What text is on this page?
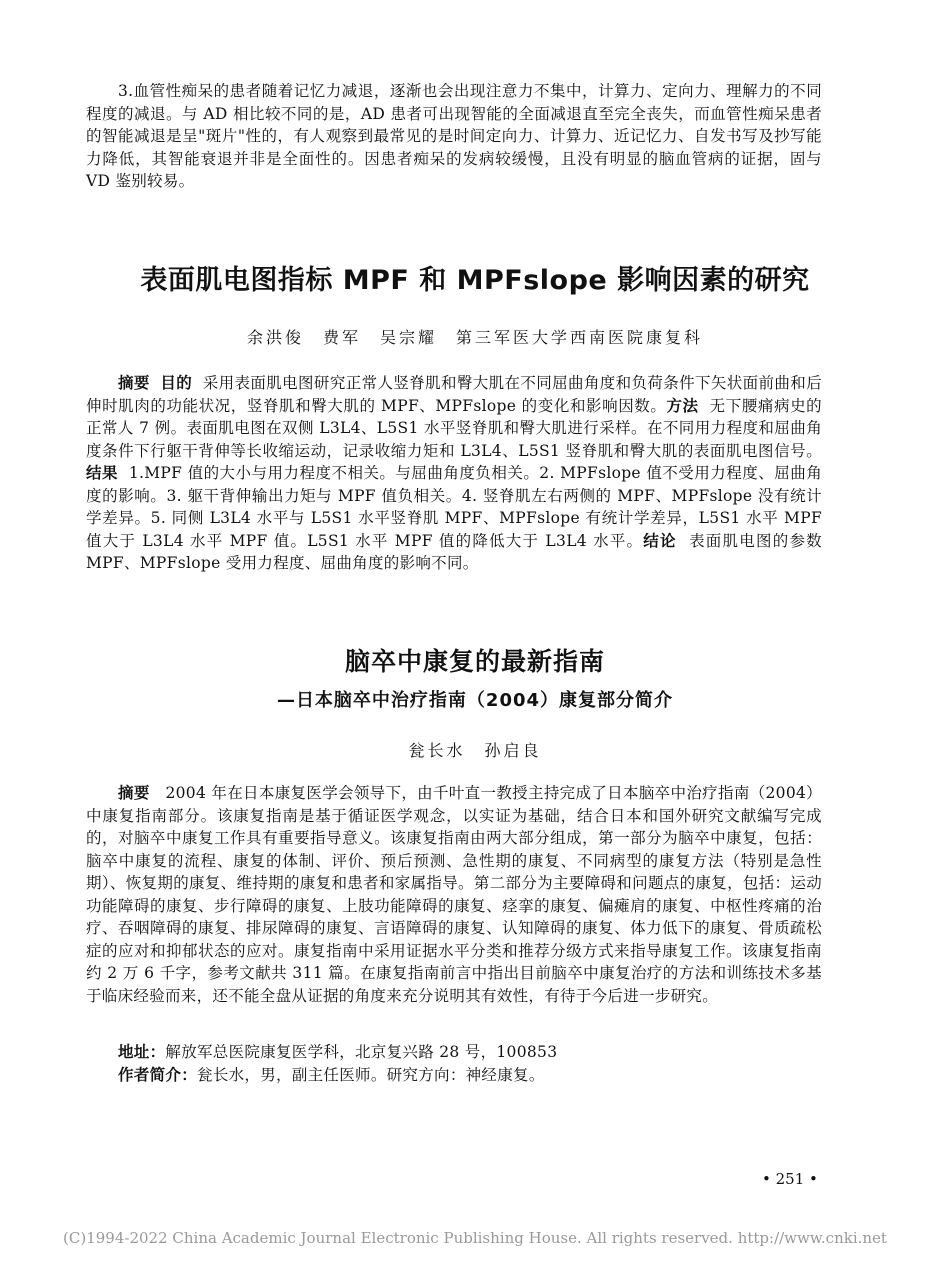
3.血管性痴呆的患者随着记忆力减退，逐渐也会出现注意力不集中，计算力、定向力、理解力的不同程度的减退。与 AD 相比较不同的是，AD 患者可出现智能的全面减退直至完全丧失，而血管性痴呆患者的智能减退是呈"斑片"性的，有人观察到最常见的是时间定向力、计算力、近记忆力、自发书写及抄写能力降低，其智能衰退并非是全面性的。因患者痴呆的发病较缓慢，且没有明显的脑血管病的证据，固与 VD 鉴别较易。

表面肌电图指标 MPF 和 MPFslope 影响因素的研究

余洪俊　费军　吴宗耀　第三军医大学西南医院康复科

摘要 目的 采用表面肌电图研究正常人竖脊肌和臀大肌在不同屈曲角度和负荷条件下矢状面前曲和后伸时肌肉的功能状况，竖脊肌和臀大肌的 MPF、MPFslope 的变化和影响因数。方法 无下腰痛病史的正常人 7 例。表面肌电图在双侧 L3L4、L5S1 水平竖脊肌和臀大肌进行采样。在不同用力程度和屈曲角度条件下行躯干背伸等长收缩运动，记录收缩力矩和 L3L4、L5S1 竖脊肌和臀大肌的表面肌电图信号。结果 1.MPF 值的大小与用力程度不相关。与屈曲角度负相关。2. MPFslope 值不受用力程度、屈曲角度的影响。3. 躯干背伸输出力矩与 MPF 值负相关。4. 竖脊肌左右两侧的 MPF、MPFslope 没有统计学差异。5. 同侧 L3L4 水平与 L5S1 水平竖脊肌 MPF、MPFslope 有统计学差异，L5S1 水平 MPF 值大于 L3L4 水平 MPF 值。L5S1 水平 MPF 值的降低大于 L3L4 水平。结论 表面肌电图的参数 MPF、MPFslope 受用力程度、屈曲角度的影响不同。

脑卒中康复的最新指南
—日本脑卒中治疗指南（2004）康复部分简介

瓮长水　孙启良

摘要 2004 年在日本康复医学会领导下，由千叶直一教授主持完成了日本脑卒中治疗指南（2004）中康复指南部分。该康复指南是基于循证医学观念，以实证为基础，结合日本和国外研究文献编写完成的，对脑卒中康复工作具有重要指导意义。该康复指南由两大部分组成，第一部分为脑卒中康复，包括：脑卒中康复的流程、康复的体制、评价、预后预测、急性期的康复、不同病型的康复方法（特别是急性期）、恢复期的康复、维持期的康复和患者和家属指导。第二部分为主要障碍和问题点的康复，包括：运动功能障碍的康复、步行障碍的康复、上肢功能障碍的康复、痉挛的康复、偏瘫肩的康复、中枢性疼痛的治疗、吞咽障碍的康复、排尿障碍的康复、言语障碍的康复、认知障碍的康复、体力低下的康复、骨质疏松症的应对和抑郁状态的应对。康复指南中采用证据水平分类和推荐分级方式来指导康复工作。该康复指南约 2 万 6 千字，参考文献共 311 篇。在康复指南前言中指出目前脑卒中康复治疗的方法和训练技术多基于临床经验而来，还不能全盘从证据的角度来充分说明其有效性，有待于今后进一步研究。

地址：解放军总医院康复医学科，北京复兴路 28 号，100853

作者简介：瓮长水，男，副主任医师。研究方向：神经康复。

• 251 •

(C)1994-2022 China Academic Journal Electronic Publishing House. All rights reserved. http://www.cnki.net
